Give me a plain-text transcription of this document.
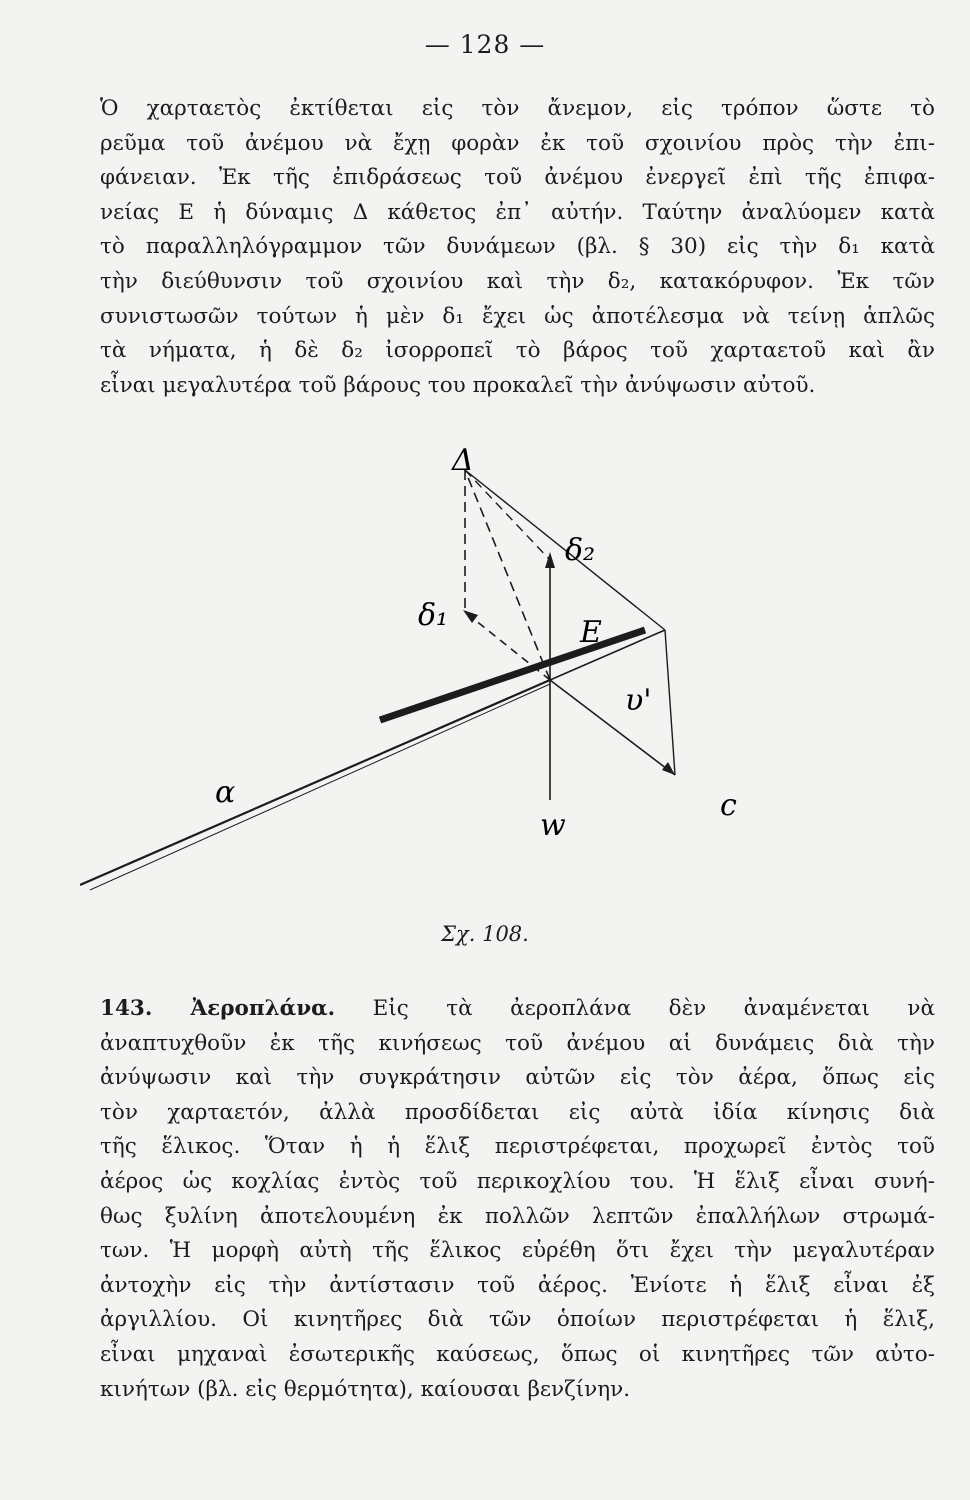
— 128 —
Ὁ χαρταετὸς ἐκτίθεται εἰς τὸν ἄνεμον, εἰς τρόπον ὥστε τὸ
ρεῦμα τοῦ ἀνέμου νὰ ἔχῃ φορὰν ἐκ τοῦ σχοινίου πρὸς τὴν ἐπι-
φάνειαν. Ἐκ τῆς ἐπιδράσεως τοῦ ἀνέμου ἐνεργεῖ ἐπὶ τῆς ἐπιφα-
νείας Ε ἡ δύναμις Δ κάθετος ἐπ᾽ αὐτήν. Ταύτην ἀναλύομεν κατὰ
τὸ παραλληλόγραμμον τῶν δυνάμεων (βλ. § 30) εἰς τὴν δ₁ κατὰ
τὴν διεύθυνσιν τοῦ σχοινίου καὶ τὴν δ₂, κατακόρυφον. Ἐκ τῶν
συνιστωσῶν τούτων ἡ μὲν δ₁ ἔχει ὡς ἀποτέλεσμα νὰ τείνῃ ἁπλῶς
τὰ νήματα, ἡ δὲ δ₂ ἰσορροπεῖ τὸ βάρος τοῦ χαρταετοῦ καὶ ἂν
εἶναι μεγαλυτέρα τοῦ βάρους του προκαλεῖ τὴν ἀνύψωσιν αὐτοῦ.
Δ
δ₂
δ₁	E
υ'
α	c
w
Σχ. 108.
143. Ἀεροπλάνα. Εἰς τὰ ἀεροπλάνα δὲν ἀναμένεται νὰ
ἀναπτυχθοῦν ἐκ τῆς κινήσεως τοῦ ἀνέμου αἱ δυνάμεις διὰ τὴν
ἀνύψωσιν καὶ τὴν συγκράτησιν αὐτῶν εἰς τὸν ἀέρα, ὅπως εἰς
τὸν χαρταετόν, ἀλλὰ προσδίδεται εἰς αὐτὰ ἰδία κίνησις διὰ
τῆς ἕλικος. Ὅταν ἡ ἡ ἕλιξ περιστρέφεται, προχωρεῖ ἐντὸς τοῦ
ἀέρος ὡς κοχλίας ἐντὸς τοῦ περικοχλίου του. Ἡ ἕλιξ εἶναι συνή-
θως ξυλίνη ἀποτελουμένη ἐκ πολλῶν λεπτῶν ἐπαλλήλων στρωμά-
των. Ἡ μορφὴ αὐτὴ τῆς ἕλικος εὑρέθη ὅτι ἔχει τὴν μεγαλυτέραν
ἀντοχὴν εἰς τὴν ἀντίστασιν τοῦ ἀέρος. Ἐνίοτε ἡ ἕλιξ εἶναι ἐξ
ἀργιλλίου. Οἱ κινητῆρες διὰ τῶν ὁποίων περιστρέφεται ἡ ἕλιξ,
εἶναι μηχαναὶ ἐσωτερικῆς καύσεως, ὅπως οἱ κινητῆρες τῶν αὐτο-
κινήτων (βλ. εἰς θερμότητα), καίουσαι βενζίνην.
